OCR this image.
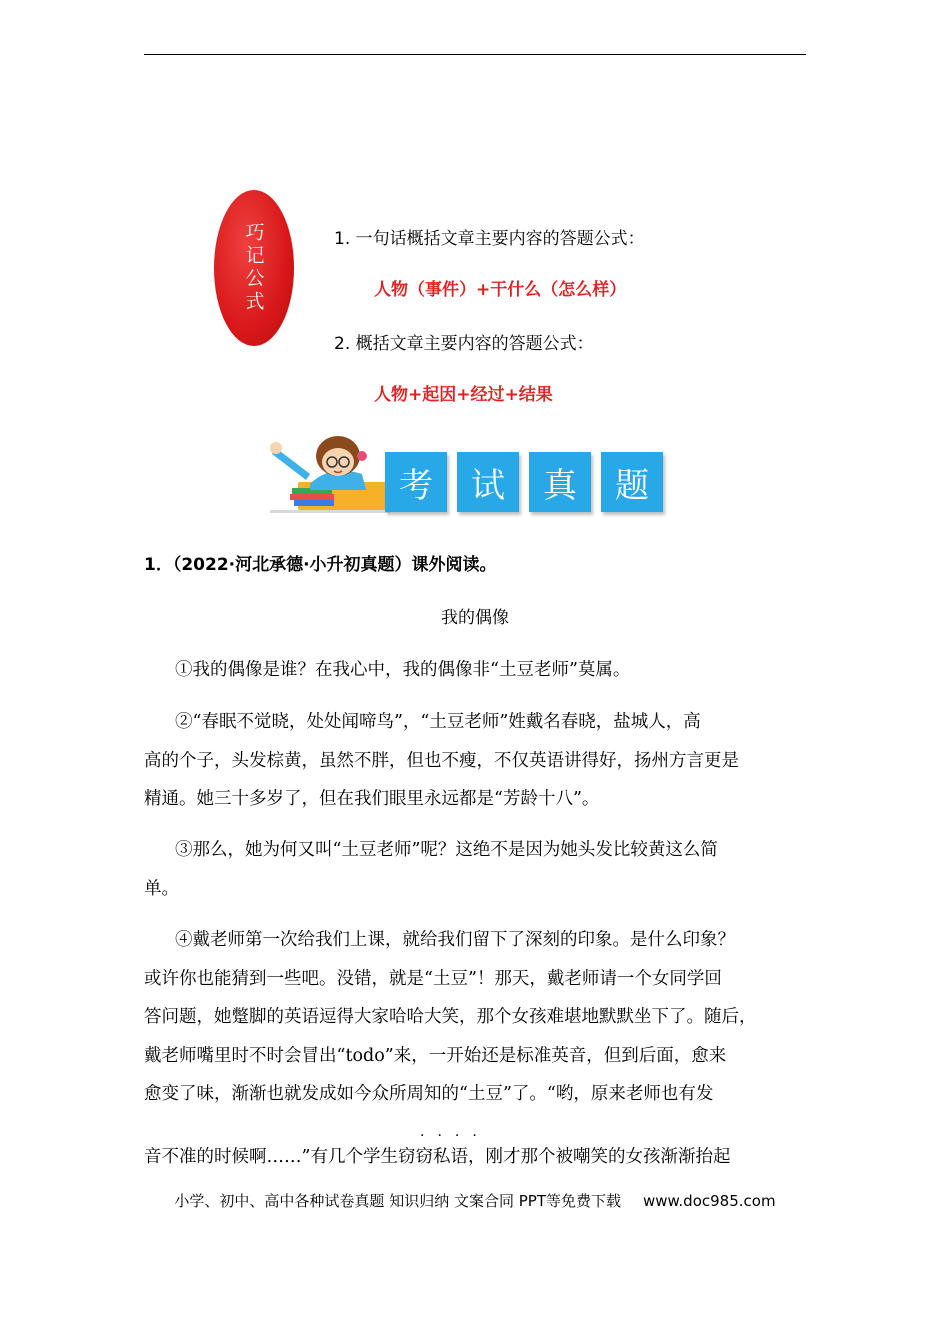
巧记公式	1. 一句话概括文章主要内容的答题公式：
人物（事件）+干什么（怎么样）
2. 概括文章主要内容的答题公式：
人物+起因+经过+结果
考 试 真 题
1．（2022·河北承德·小升初真题）课外阅读。
我的偶像
①我的偶像是谁？在我心中，我的偶像非“土豆老师”莫属。
②“春眠不觉晓，处处闻啼鸟”，“土豆老师”姓戴名春晓，盐城人，高
高的个子，头发棕黄，虽然不胖，但也不瘦，不仅英语讲得好，扬州方言更是
精通。她三十多岁了，但在我们眼里永远都是“芳龄十八”。
③那么，她为何又叫“土豆老师”呢？这绝不是因为她头发比较黄这么简
单。
④戴老师第一次给我们上课，就给我们留下了深刻的印象。是什么印象？
或许你也能猜到一些吧。没错，就是“土豆”！那天，戴老师请一个女同学回
答问题，她蹩脚的英语逗得大家哈哈大笑，那个女孩难堪地默默坐下了。随后，
戴老师嘴里时不时会冒出“todo”来，一开始还是标准英音，但到后面，愈来
愈变了味，渐渐也就发成如今众所周知的“土豆”了。“哟，原来老师也有发
····
音不准的时候啊……”有几个学生窃窃私语，刚才那个被嘲笑的女孩渐渐抬起
小学、初中、高中各种试卷真题 知识归纳 文案合同 PPT等免费下载 www.doc985.com
